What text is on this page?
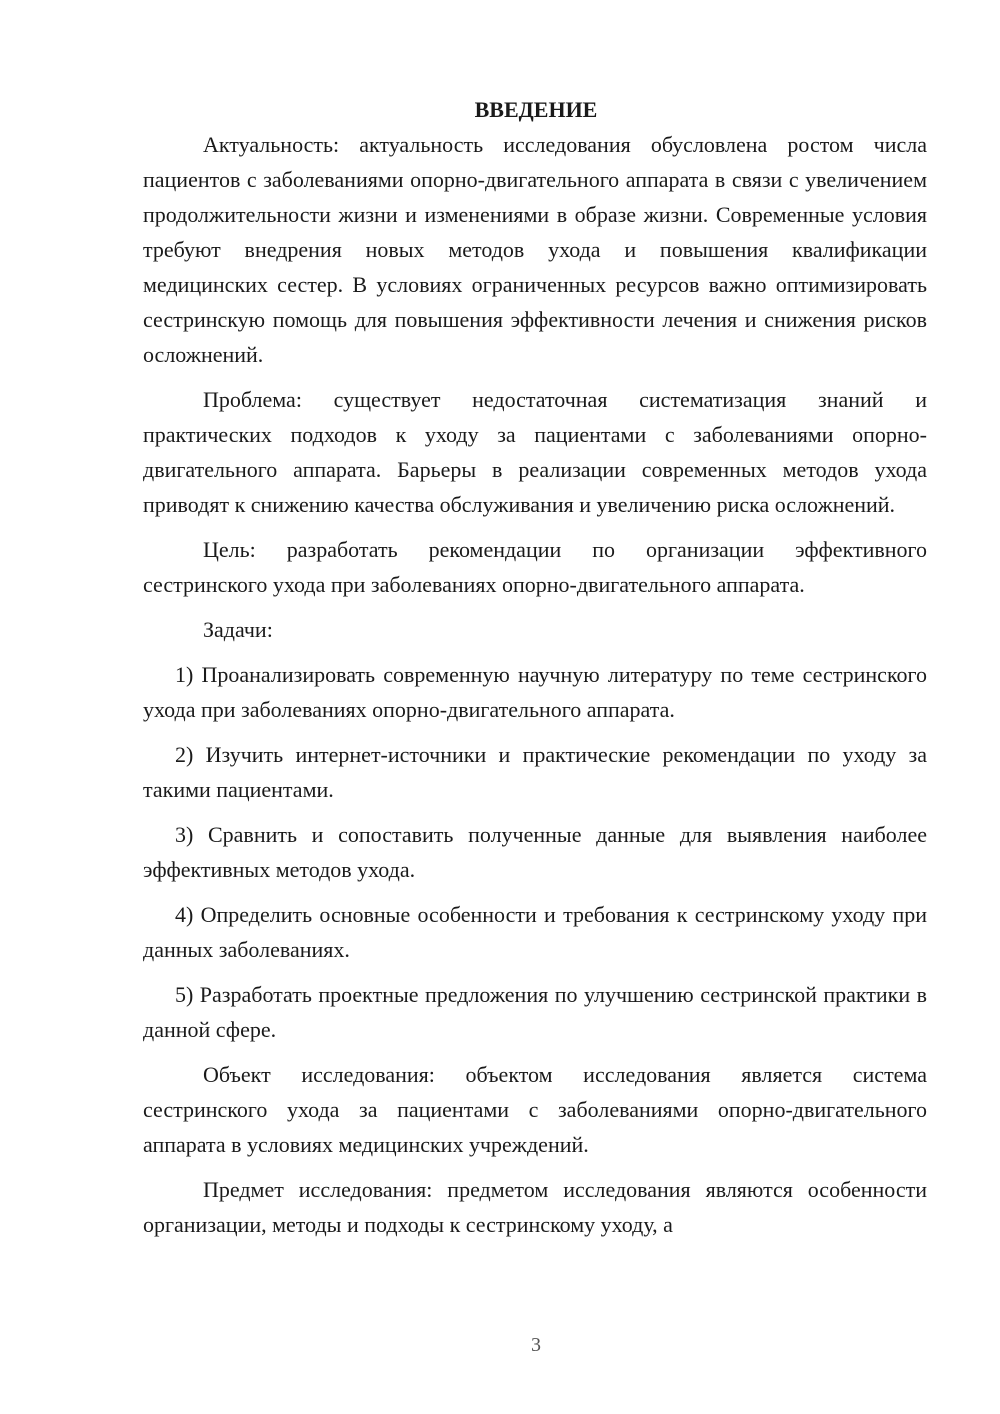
ВВЕДЕНИЕ

Актуальность: актуальность исследования обусловлена ростом числа пациентов с заболеваниями опорно-двигательного аппарата в связи с увеличением продолжительности жизни и изменениями в образе жизни. Современные условия требуют внедрения новых методов ухода и повышения квалификации медицинских сестер. В условиях ограниченных ресурсов важно оптимизировать сестринскую помощь для повышения эффективности лечения и снижения рисков осложнений.

Проблема: существует недостаточная систематизация знаний и практических подходов к уходу за пациентами с заболеваниями опорно-двигательного аппарата. Барьеры в реализации современных методов ухода приводят к снижению качества обслуживания и увеличению риска осложнений.

Цель: разработать рекомендации по организации эффективного сестринского ухода при заболеваниях опорно-двигательного аппарата.

Задачи:

1) Проанализировать современную научную литературу по теме сестринского ухода при заболеваниях опорно-двигательного аппарата.

2) Изучить интернет-источники и практические рекомендации по уходу за такими пациентами.

3) Сравнить и сопоставить полученные данные для выявления наиболее эффективных методов ухода.

4) Определить основные особенности и требования к сестринскому уходу при данных заболеваниях.

5) Разработать проектные предложения по улучшению сестринской практики в данной сфере.

Объект исследования: объектом исследования является система сестринского ухода за пациентами с заболеваниями опорно-двигательного аппарата в условиях медицинских учреждений.

Предмет исследования: предметом исследования являются особенности организации, методы и подходы к сестринскому уходу, а

3
